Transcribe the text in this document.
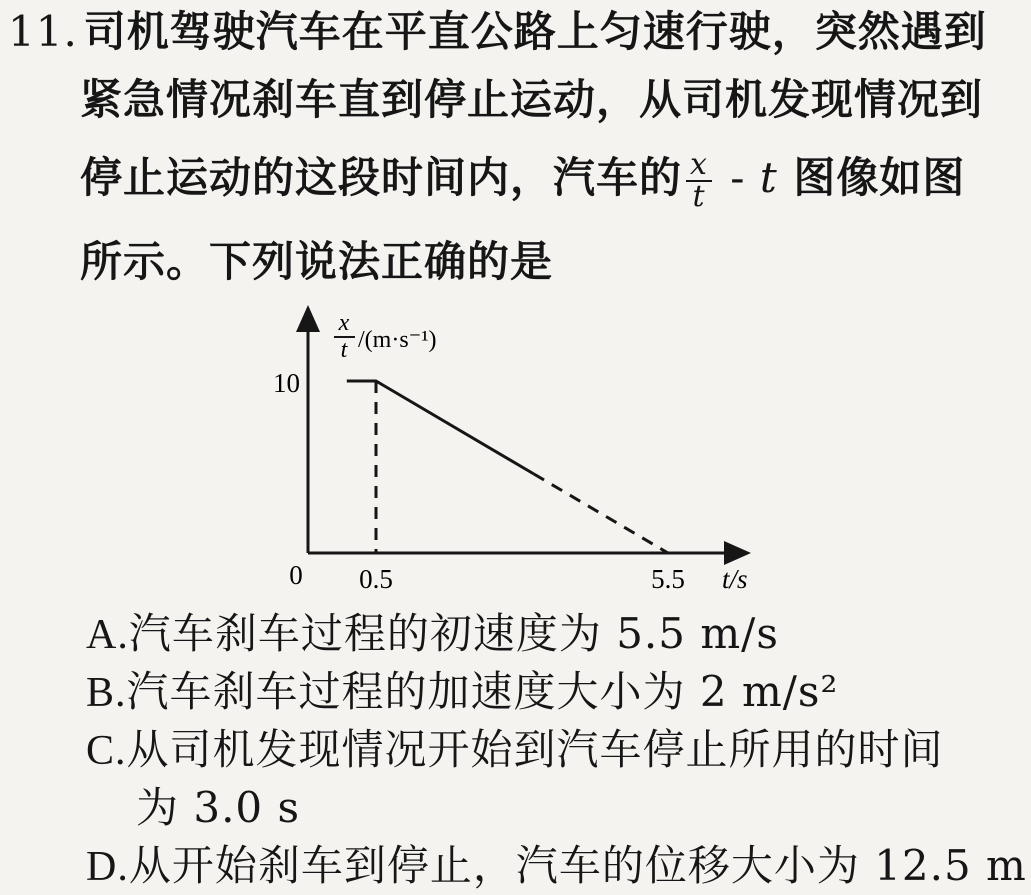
11. 司机驾驶汽车在平直公路上匀速行驶，突然遇到
紧急情况刹车直到停止运动，从司机发现情况到
停止运动的这段时间内，汽车的 $\frac{x}{t}$ - t 图像如图
所示。下列说法正确的是
x
t /(m·s⁻¹)
10
0 0.5	5.5 t/s
A.汽车刹车过程的初速度为 5.5 m/s
B.汽车刹车过程的加速度大小为 2 m/s²
C.从司机发现情况开始到汽车停止所用的时间
为 3.0 s
D.从开始刹车到停止，汽车的位移大小为 12.5 m
